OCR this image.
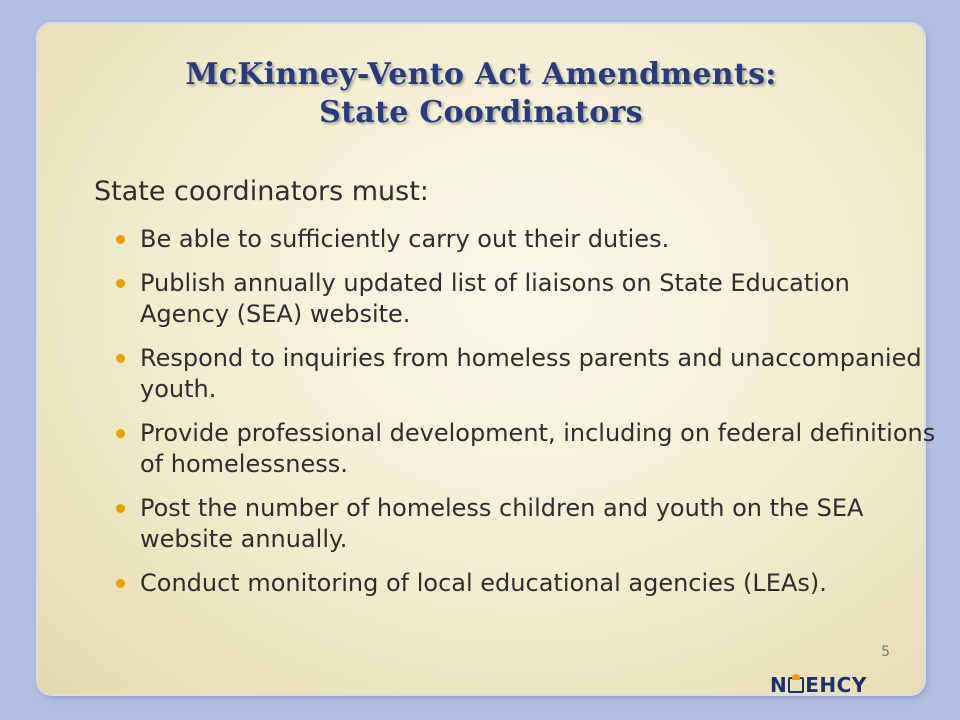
McKinney-Vento Act Amendments:
State Coordinators
State coordinators must:
Be able to sufficiently carry out their duties.
Publish annually updated list of liaisons on State Education Agency (SEA) website.
Respond to inquiries from homeless parents and unaccompanied youth.
Provide professional development, including on federal definitions of homelessness.
Post the number of homeless children and youth on the SEA website annually.
Conduct monitoring of local educational agencies (LEAs).
5
N EHCY
